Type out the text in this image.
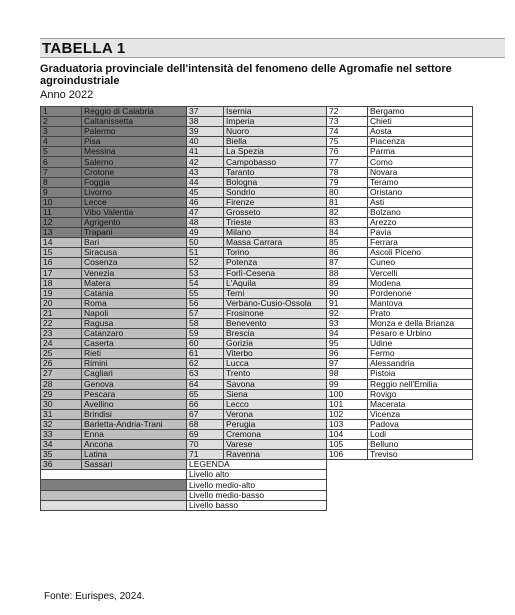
TABELLA 1
Graduatoria provinciale dell'intensità del fenomeno delle Agromafie nel settore agroindustriale
Anno 2022
1	Reggio di Calabria	37	Isernia	72	Bergamo
2	Caltanissetta	38	Imperia	73	Chieti
3	Palermo	39	Nuoro	74	Aosta
4	Pisa	40	Biella	75	Piacenza
5	Messina	41	La Spezia	76	Parma
6	Salerno	42	Campobasso	77	Como
7	Crotone	43	Taranto	78	Novara
8	Foggia	44	Bologna	79	Teramo
9	Livorno	45	Sondrio	80	Oristano
10	Lecce	46	Firenze	81	Asti
11	Vibo Valentia	47	Grosseto	82	Bolzano
12	Agrigento	48	Trieste	83	Arezzo
13	Trapani	49	Milano	84	Pavia
14	Bari	50	Massa Carrara	85	Ferrara
15	Siracusa	51	Torino	86	Ascoli Piceno
16	Cosenza	52	Potenza	87	Cuneo
17	Venezia	53	Forlì-Cesena	88	Vercelli
18	Matera	54	L'Aquila	89	Modena
19	Catania	55	Terni	90	Pordenone
20	Roma	56	Verbano-Cusio-Ossola	91	Mantova
21	Napoli	57	Frosinone	92	Prato
22	Ragusa	58	Benevento	93	Monza e della Brianza
23	Catanzaro	59	Brescia	94	Pesaro e Urbino
24	Caserta	60	Gorizia	95	Udine
25	Rieti	61	Viterbo	96	Fermo
26	Rimini	62	Lucca	97	Alessandria
27	Cagliari	63	Trento	98	Pistoia
28	Genova	64	Savona	99	Reggio nell'Emilia
29	Pescara	65	Siena	100	Rovigo
30	Avellino	66	Lecco	101	Macerata
31	Brindisi	67	Verona	102	Vicenza
32	Barletta-Andria-Trani	68	Perugia	103	Padova
33	Enna	69	Cremona	104	Lodi
34	Ancona	70	Varese	105	Belluno
35	Latina	71	Ravenna	106	Treviso
36	Sassari	LEGENDA			
		Livello alto			
		Livello medio-alto			
		Livello medio-basso			
		Livello basso			
Fonte: Eurispes, 2024.
